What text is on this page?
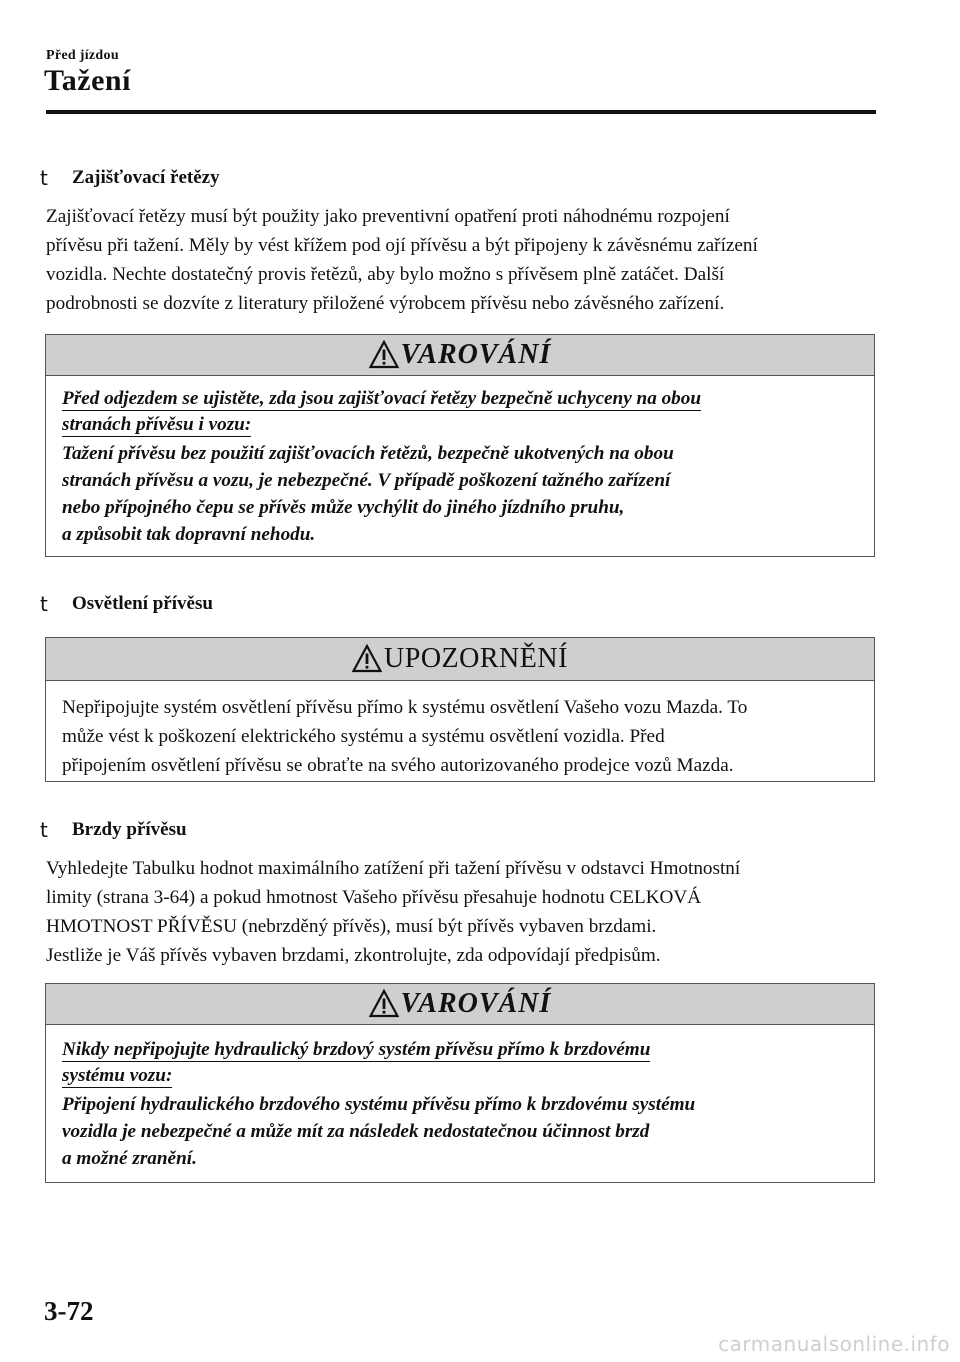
Před jízdou
Tažení
t	Zajišťovací řetězy
Zajišťovací řetězy musí být použity jako preventivní opatření proti náhodnému rozpojení
přívěsu při tažení. Měly by vést křížem pod ojí přívěsu a být připojeny k závěsnému zařízení
vozidla. Nechte dostatečný provis řetězů, aby bylo možno s přívěsem plně zatáčet. Další
podrobnosti se dozvíte z literatury přiložené výrobcem přívěsu nebo závěsného zařízení.
VAROVÁNÍ
Před odjezdem se ujistěte, zda jsou zajišťovací řetězy bezpečně uchyceny na obou
stranách přívěsu i vozu:
Tažení přívěsu bez použití zajišťovacích řetězů, bezpečně ukotvených na obou
stranách přívěsu a vozu, je nebezpečné. V případě poškození tažného zařízení
nebo přípojného čepu se přívěs může vychýlit do jiného jízdního pruhu,
a způsobit tak dopravní nehodu.
t	Osvětlení přívěsu
UPOZORNĚNÍ
Nepřipojujte systém osvětlení přívěsu přímo k systému osvětlení Vašeho vozu Mazda. To
může vést k poškození elektrického systému a systému osvětlení vozidla. Před
připojením osvětlení přívěsu se obraťte na svého autorizovaného prodejce vozů Mazda.
t	Brzdy přívěsu
Vyhledejte Tabulku hodnot maximálního zatížení při tažení přívěsu v odstavci Hmotnostní
limity (strana 3-64) a pokud hmotnost Vašeho přívěsu přesahuje hodnotu CELKOVÁ
HMOTNOST PŘÍVĚSU (nebrzděný přívěs), musí být přívěs vybaven brzdami.
Jestliže je Váš přívěs vybaven brzdami, zkontrolujte, zda odpovídají předpisům.
VAROVÁNÍ
Nikdy nepřipojujte hydraulický brzdový systém přívěsu přímo k brzdovému
systému vozu:
Připojení hydraulického brzdového systému přívěsu přímo k brzdovému systému
vozidla je nebezpečné a může mít za následek nedostatečnou účinnost brzd
a možné zranění.
3-72
carmanualsonline.info
